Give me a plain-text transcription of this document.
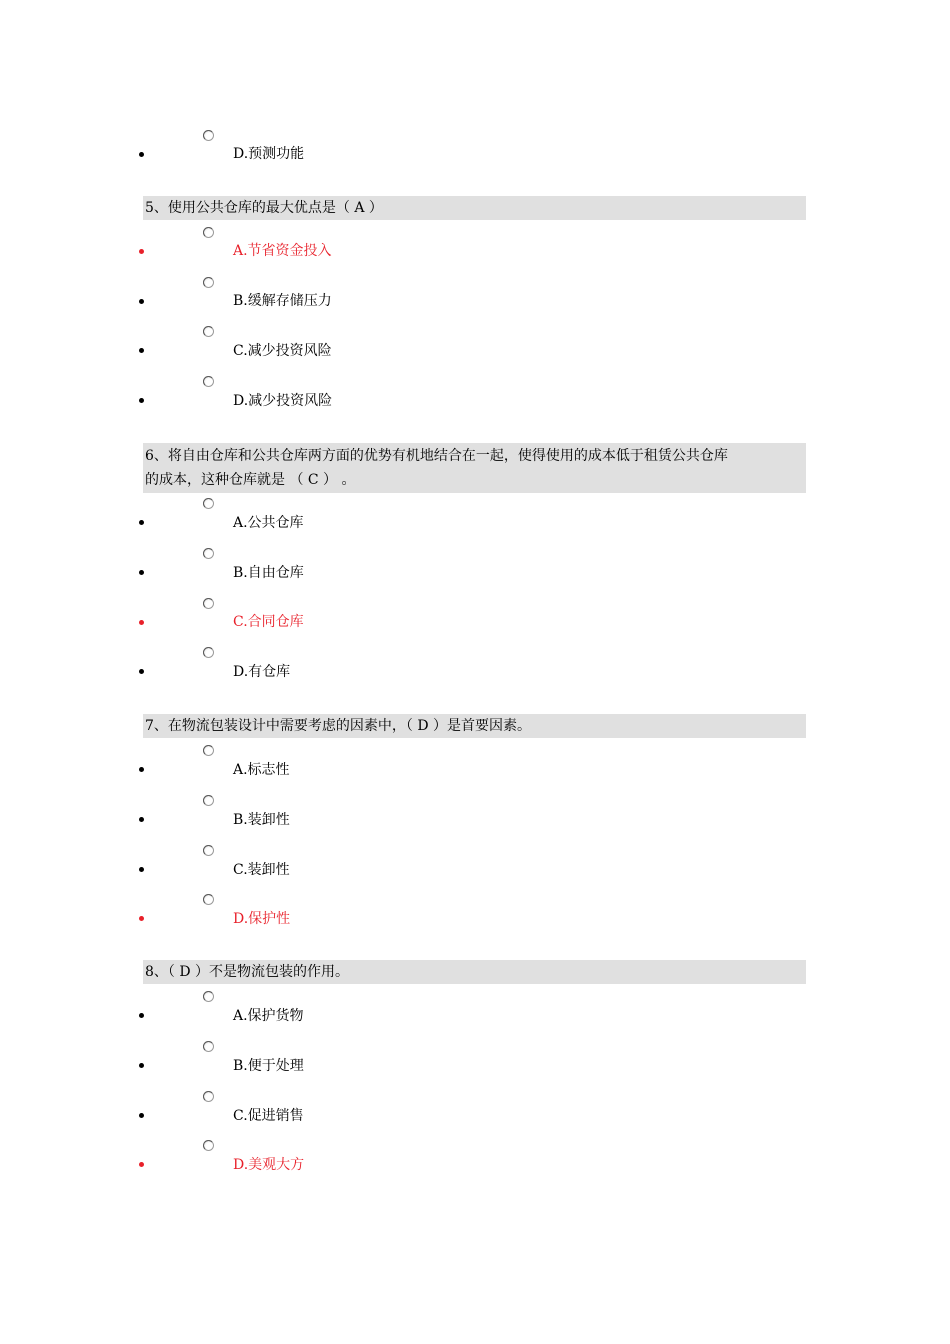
D.预测功能
5、使用公共仓库的最大优点是（ A ）
A.节省资金投入
B.缓解存储压力
C.减少投资风险
D.减少投资风险
6、将自由仓库和公共仓库两方面的优势有机地结合在一起，使得使用的成本低于租赁公共仓库
的成本，这种仓库就是 （ C ） 。
A.公共仓库
B.自由仓库
C.合同仓库
D.有仓库
7、在物流包装设计中需要考虑的因素中，（ D ）是首要因素。
A.标志性
B.装卸性
C.装卸性
D.保护性
8、（ D ）不是物流包装的作用。
A.保护货物
B.便于处理
C.促进销售
D.美观大方
